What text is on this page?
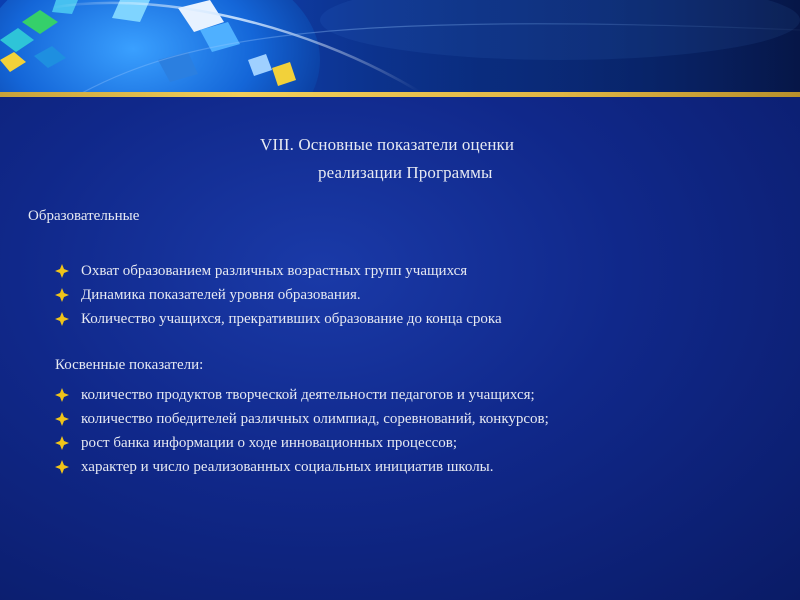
VIII. Основные показатели оценки
реализации Программы
Образовательные
Охват образованием различных возрастных групп учащихся
Динамика показателей уровня образования.
Количество учащихся, прекративших образование до конца срока
Косвенные показатели:
количество продуктов творческой деятельности педагогов и учащихся;
количество победителей различных олимпиад, соревнований, конкурсов;
рост банка информации о ходе инновационных процессов;
характер и число реализованных социальных инициатив школы.
